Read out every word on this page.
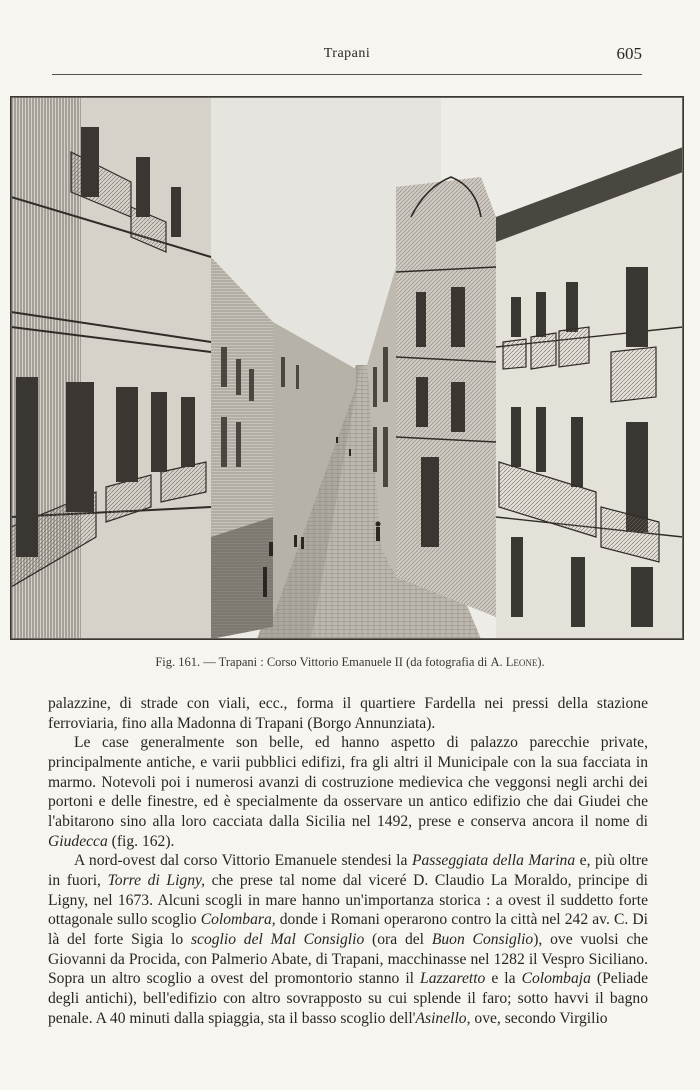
Trapani	605
Fig. 161. — Trapani : Corso Vittorio Emanuele II (da fotografia di A. Leone).

palazzine, di strade con viali, ecc., forma il quartiere Fardella nei pressi della stazione ferroviaria, fino alla Madonna di Trapani (Borgo Annunziata).

Le case generalmente son belle, ed hanno aspetto di palazzo parecchie private, principalmente antiche, e varii pubblici edifizi, fra gli altri il Municipale con la sua facciata in marmo. Notevoli poi i numerosi avanzi di costruzione medievica che veggonsi negli archi dei portoni e delle finestre, ed è specialmente da osservare un antico edifizio che dai Giudei che l'abitarono sino alla loro cacciata dalla Sicilia nel 1492, prese e conserva ancora il nome di Giudecca (fig. 162).

A nord-ovest dal corso Vittorio Emanuele stendesi la Passeggiata della Marina e, più oltre in fuori, Torre di Ligny, che prese tal nome dal viceré D. Claudio La Moraldo, principe di Ligny, nel 1673. Alcuni scogli in mare hanno un'importanza storica : a ovest il suddetto forte ottagonale sullo scoglio Colombara, donde i Romani operarono contro la città nel 242 av. C. Di là del forte Sigia lo scoglio del Mal Consiglio (ora del Buon Consiglio), ove vuolsi che Giovanni da Procida, con Palmerio Abate, di Trapani, macchinasse nel 1282 il Vespro Siciliano. Sopra un altro scoglio a ovest del promontorio stanno il Lazzaretto e la Colombaja (Peliade degli antichi), bell'edifizio con altro sovrapposto su cui splende il faro; sotto havvi il bagno penale. A 40 minuti dalla spiaggia, sta il basso scoglio dell'Asinello, ove, secondo Virgilio
